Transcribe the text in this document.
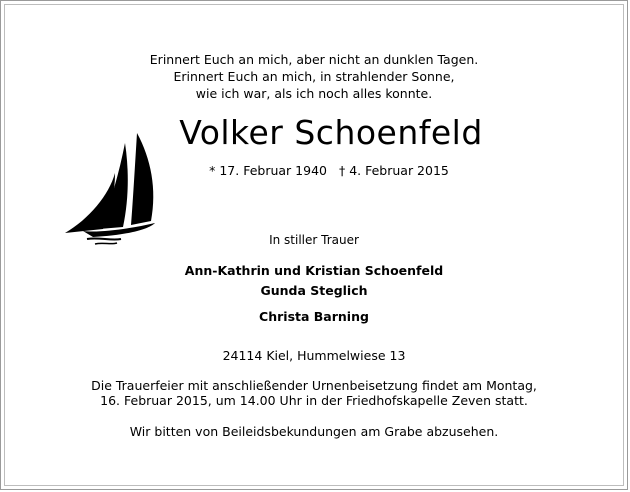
Erinnert Euch an mich, aber nicht an dunklen Tagen.
Erinnert Euch an mich, in strahlender Sonne,
wie ich war, als ich noch alles konnte.
Volker Schoenfeld
* 17. Februar 1940 † 4. Februar 2015
In stiller Trauer
Ann-Kathrin und Kristian Schoenfeld
Gunda Steglich
Christa Barning
24114 Kiel, Hummelwiese 13
Die Trauerfeier mit anschließender Urnenbeisetzung findet am Montag,
16. Februar 2015, um 14.00 Uhr in der Friedhofskapelle Zeven statt.
Wir bitten von Beileidsbekundungen am Grabe abzusehen.
